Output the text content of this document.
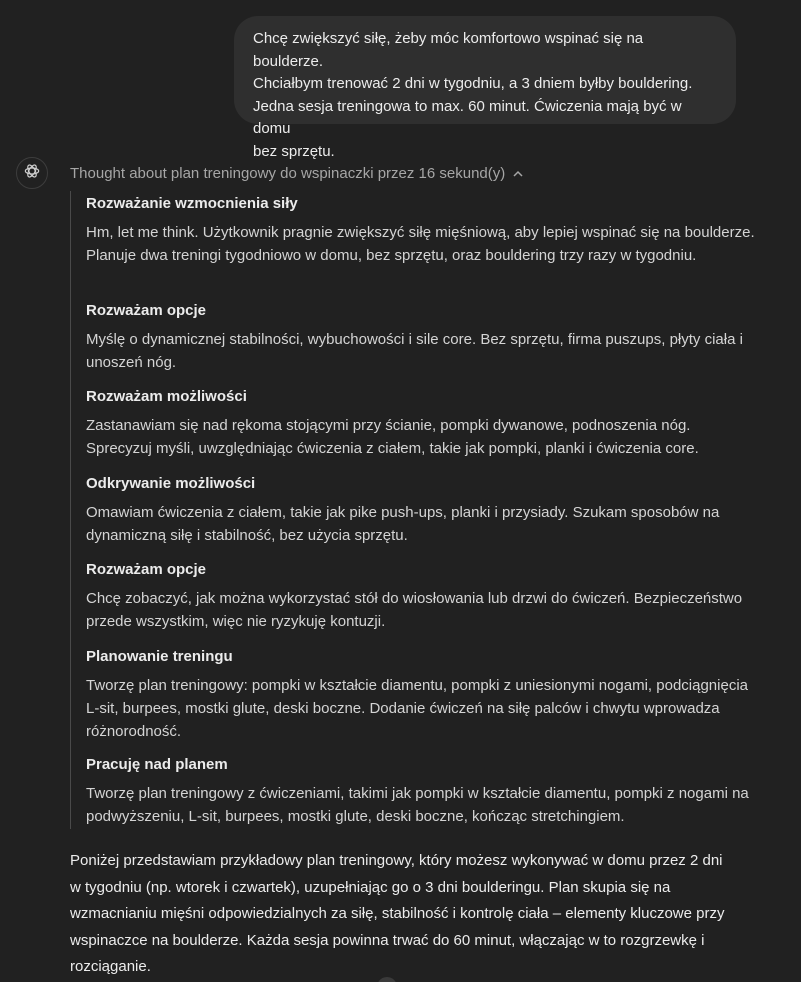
Chcę zwiększyć siłę, żeby móc komfortowo wspinać się na boulderze.

Chciałbym trenować 2 dni w tygodniu, a 3 dniem byłby bouldering.

Jedna sesja treningowa to max. 60 minut. Ćwiczenia mają być w domu

bez sprzętu.

Thought about plan treningowy do wspinaczki przez 16 sekund(y)
Rozważanie wzmocnienia siły

Hm, let me think. Użytkownik pragnie zwiększyć siłę mięśniową, aby lepiej wspinać się na boulderze. Planuje dwa treningi tygodniowo w domu, bez sprzętu, oraz bouldering trzy razy w tygodniu.

Rozważam opcje

Myślę o dynamicznej stabilności, wybuchowości i sile core. Bez sprzętu, firma puszups, płyty ciała i unoszeń nóg.

Rozważam możliwości

Zastanawiam się nad rękoma stojącymi przy ścianie, pompki dywanowe, podnoszenia nóg. Sprecyzuj myśli, uwzględniając ćwiczenia z ciałem, takie jak pompki, planki i ćwiczenia core.

Odkrywanie możliwości

Omawiam ćwiczenia z ciałem, takie jak pike push-ups, planki i przysiady. Szukam sposobów na dynamiczną siłę i stabilność, bez użycia sprzętu.

Rozważam opcje

Chcę zobaczyć, jak można wykorzystać stół do wiosłowania lub drzwi do ćwiczeń. Bezpieczeństwo przede wszystkim, więc nie ryzykuję kontuzji.

Planowanie treningu

Tworzę plan treningowy: pompki w kształcie diamentu, pompki z uniesionymi nogami, podciągnięcia L-sit, burpees, mostki glute, deski boczne. Dodanie ćwiczeń na siłę palców i chwytu wprowadza różnorodność.

Pracuję nad planem

Tworzę plan treningowy z ćwiczeniami, takimi jak pompki w kształcie diamentu, pompki z nogami na podwyższeniu, L-sit, burpees, mostki glute, deski boczne, kończąc stretchingiem.

Poniżej przedstawiam przykładowy plan treningowy, który możesz wykonywać w domu przez 2 dni w tygodniu (np. wtorek i czwartek), uzupełniając go o 3 dni boulderingu. Plan skupia się na wzmacnianiu mięśni odpowiedzialnych za siłę, stabilność i kontrolę ciała – elementy kluczowe przy wspinaczce na boulderze. Każda sesja powinna trwać do 60 minut, włączając w to rozgrzewkę i rozciąganie.
